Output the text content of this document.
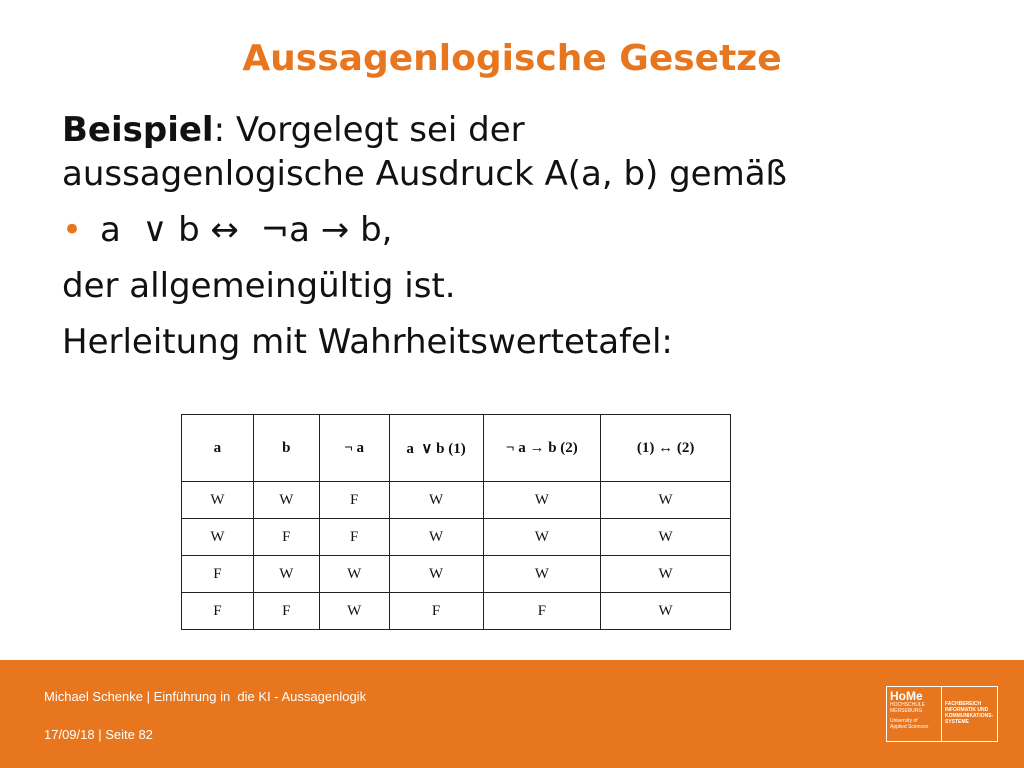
Aussagenlogische Gesetze
Beispiel: Vorgelegt sei der
aussagenlogische Ausdruck A(a, b) gemäß
• a  ∨ b ↔  ¬a → b,
der allgemeingültig ist.
Herleitung mit Wahrheitswertetafel:
a	b	¬ a	a  ∨ b (1)	¬ a → b (2)	(1) ↔ (2)
W	W	F	W	W	W
W	F	F	W	W	W
F	W	W	W	W	W
F	F	W	F	F	W
Michael Schenke | Einführung in  die KI - Aussagenlogik
17/09/18 | Seite 82
HoMe
HOCHSCHULE
MERSEBURG
University of
Applied Sciences
FACHBEREICH INFORMATIK UND KOMMUNIKATIONS-SYSTEME
